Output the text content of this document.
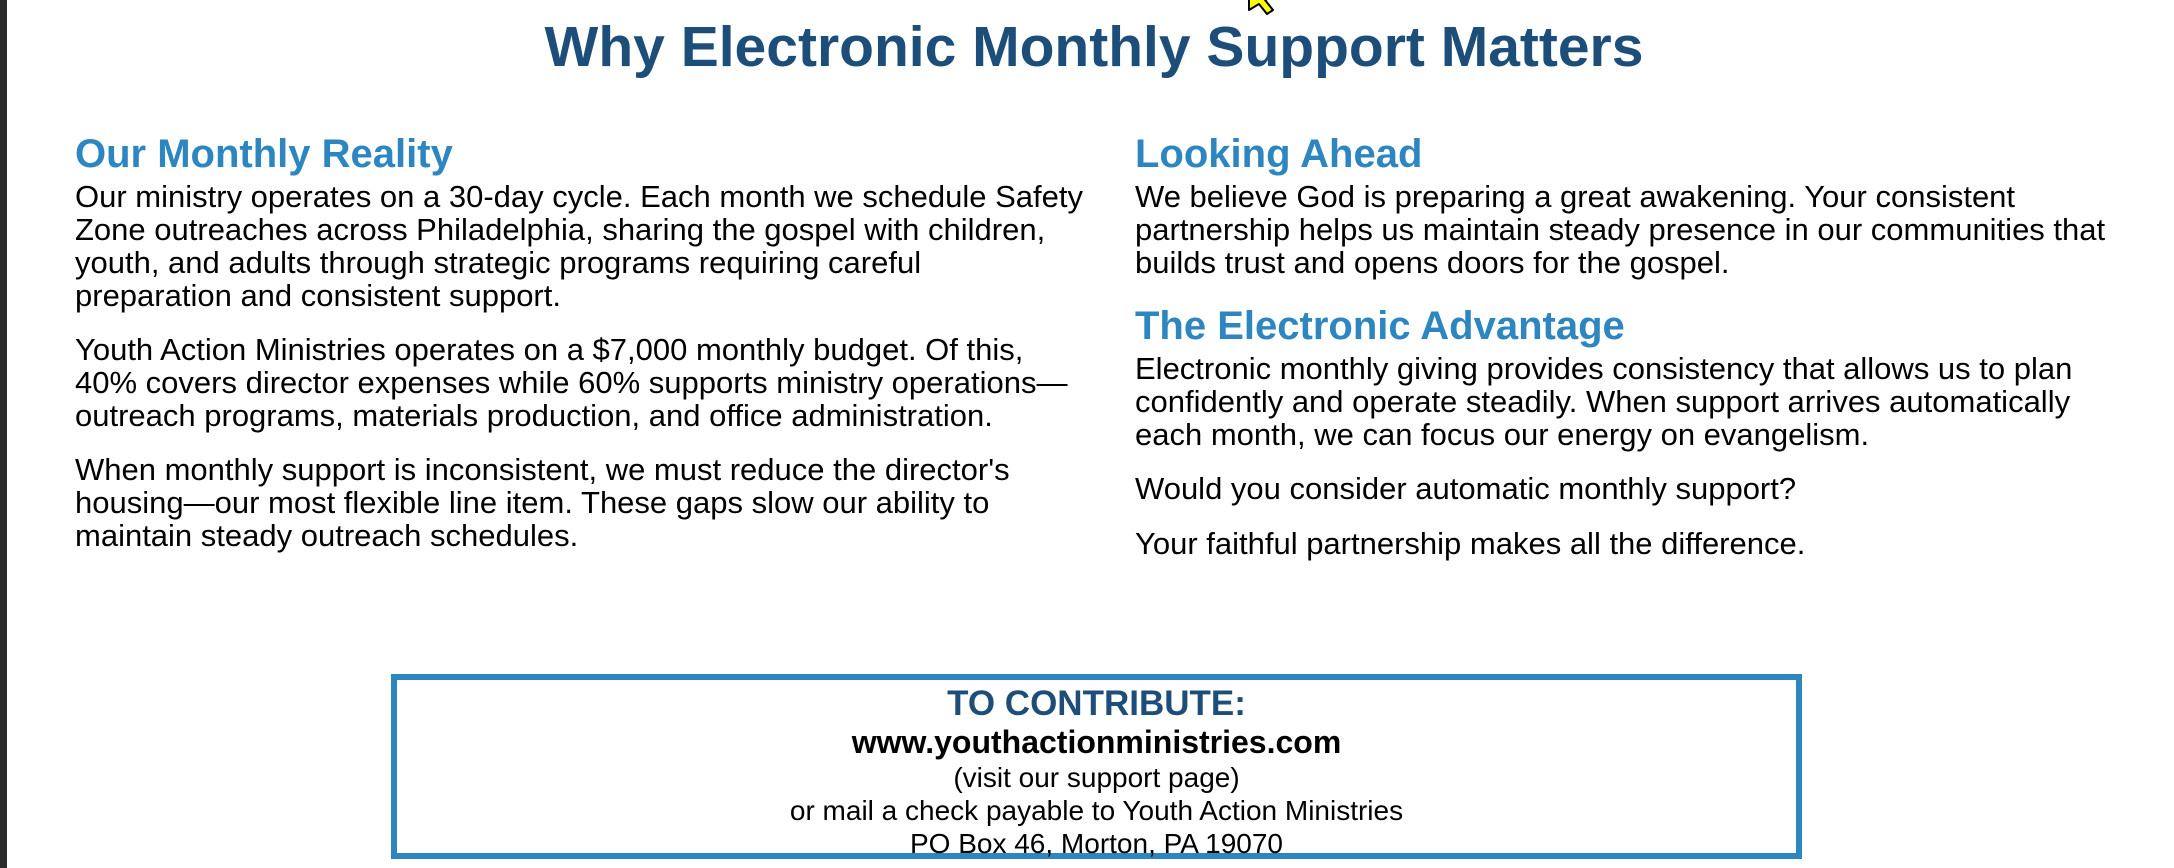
Why Electronic Monthly Support Matters
Our Monthly Reality

Our ministry operates on a 30-day cycle. Each month we schedule Safety Zone outreaches across Philadelphia, sharing the gospel with children, youth, and adults through strategic programs requiring careful preparation and consistent support.

Youth Action Ministries operates on a $7,000 monthly budget. Of this, 40% covers director expenses while 60% supports ministry operations—outreach programs, materials production, and office administration.

When monthly support is inconsistent, we must reduce the director's housing—our most flexible line item. These gaps slow our ability to maintain steady outreach schedules.

Looking Ahead

We believe God is preparing a great awakening. Your consistent partnership helps us maintain steady presence in our communities that builds trust and opens doors for the gospel.

The Electronic Advantage

Electronic monthly giving provides consistency that allows us to plan confidently and operate steadily. When support arrives automatically each month, we can focus our energy on evangelism.

Would you consider automatic monthly support?

Your faithful partnership makes all the difference.

TO CONTRIBUTE:
www.youthactionministries.com
(visit our support page)
or mail a check payable to Youth Action Ministries
PO Box 46, Morton, PA 19070
